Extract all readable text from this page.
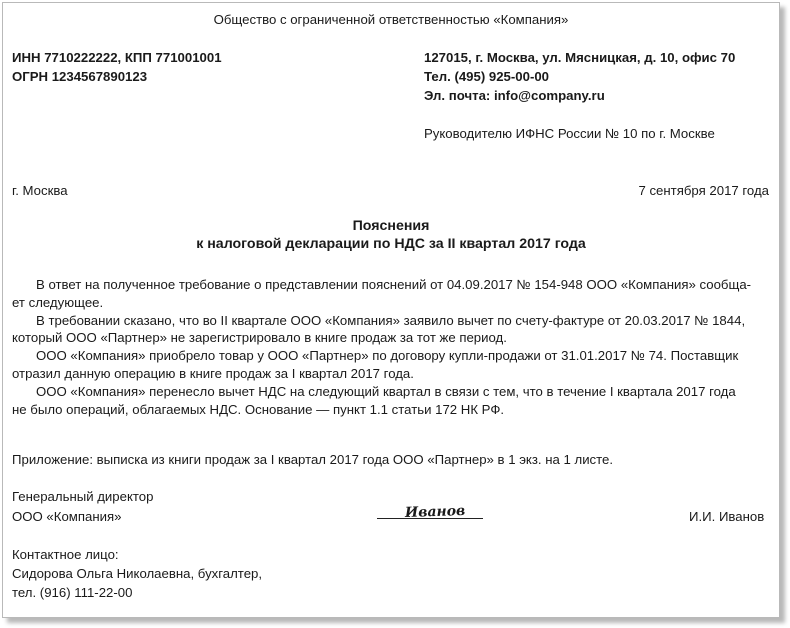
Общество с ограниченной ответственностью «Компания»
ИНН 7710222222, КПП 771001001
ОГРН 1234567890123
127015, г. Москва, ул. Мясницкая, д. 10, офис 70
Тел. (495) 925-00-00
Эл. почта: info@company.ru
Руководителю ИФНС России № 10 по г. Москве
г. Москва	7 сентября 2017 года
Пояснения
к налоговой декларации по НДС за II квартал 2017 года
В ответ на полученное требование о представлении пояснений от 04.09.2017 № 154-948 ООО «Компания» сообща-
ет следующее.
В требовании сказано, что во II квартале ООО «Компания» заявило вычет по счету-фактуре от 20.03.2017 № 1844,
который ООО «Партнер» не зарегистрировало в книге продаж за тот же период.
ООО «Компания» приобрело товар у ООО «Партнер» по договору купли-продажи от 31.01.2017 № 74. Поставщик
отразил данную операцию в книге продаж за I квартал 2017 года.
ООО «Компания» перенесло вычет НДС на следующий квартал в связи с тем, что в течение I квартала 2017 года
не было операций, облагаемых НДС. Основание — пункт 1.1 статьи 172 НК РФ.
Приложение: выписка из книги продаж за I квартал 2017 года ООО «Партнер» в 1 экз. на 1 листе.
Генеральный директор
ООО «Компания»	Иванов	И.И. Иванов
Контактное лицо:
Сидорова Ольга Николаевна, бухгалтер,
тел. (916) 111-22-00
